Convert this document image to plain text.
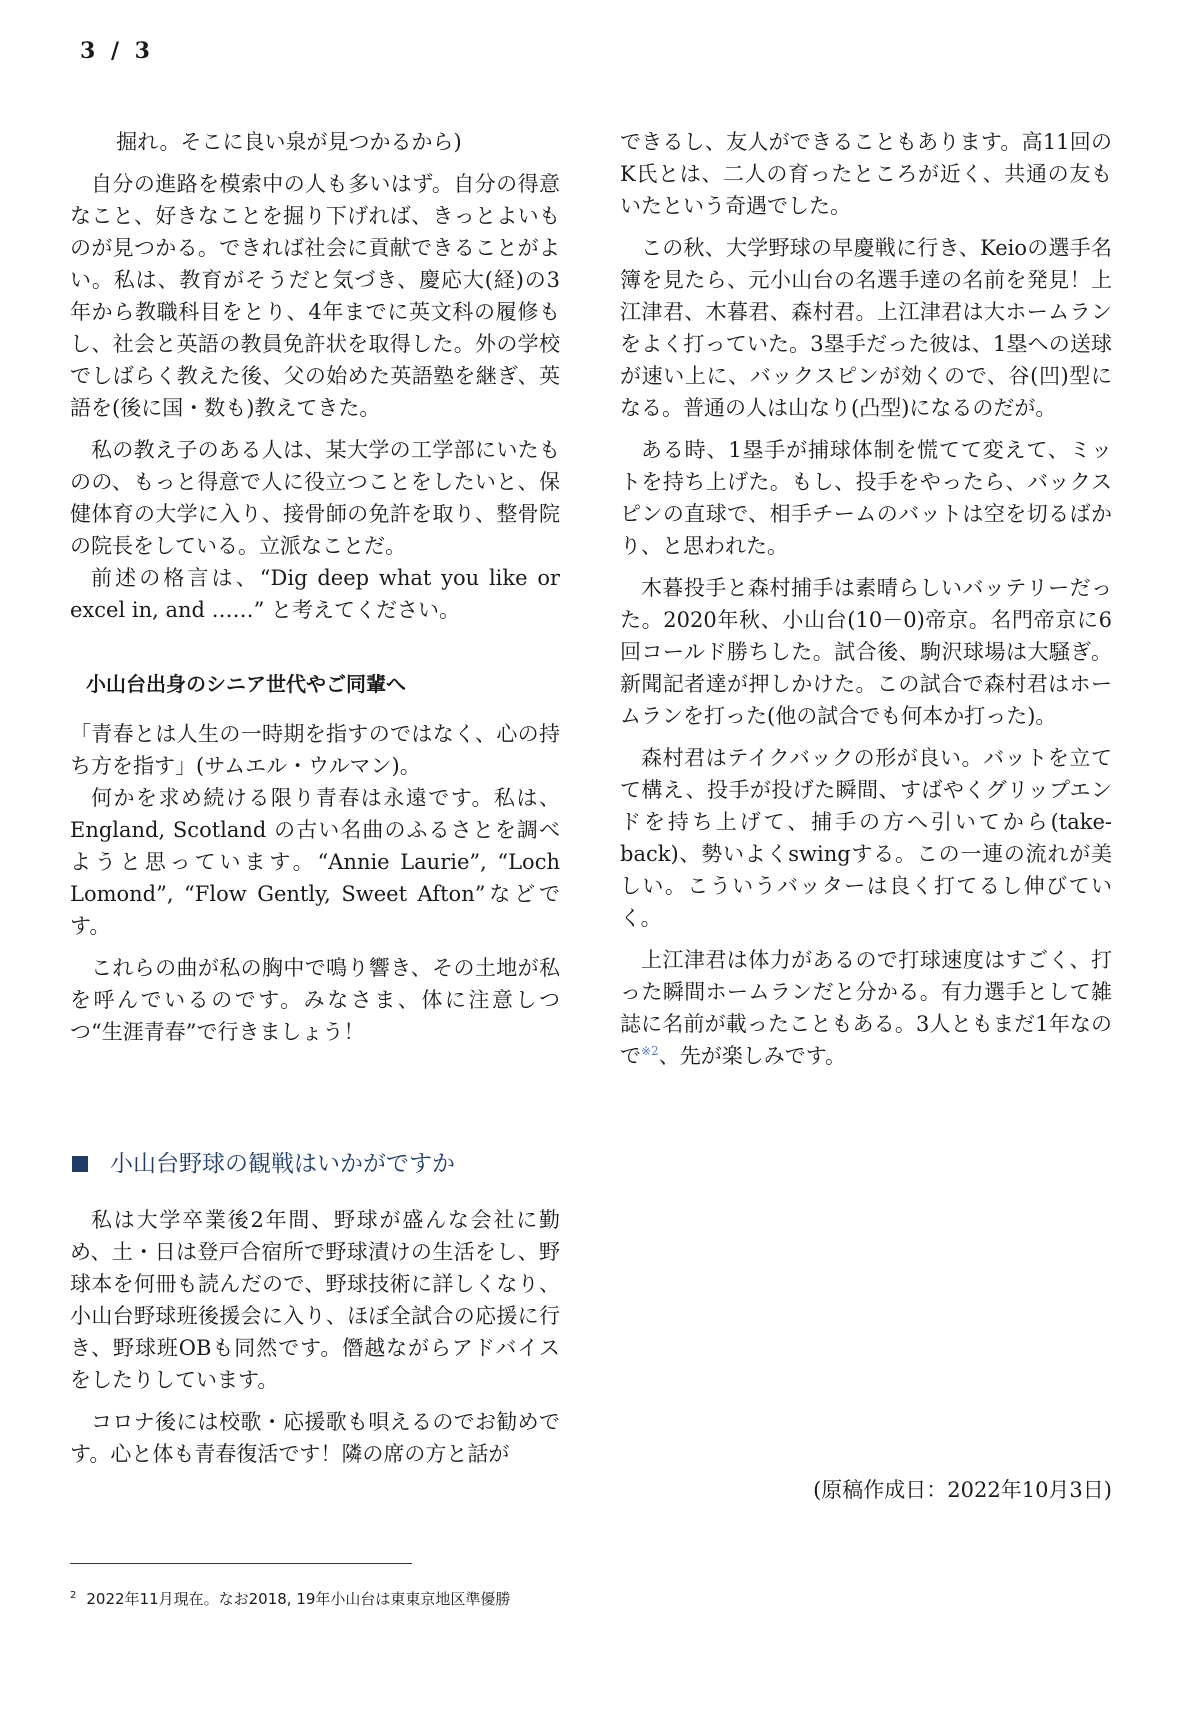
3 / 3

掘れ。そこに良い泉が見つかるから)

自分の進路を模索中の人も多いはず。自分の得意なこと、好きなことを掘り下げれば、きっとよいものが見つかる。できれば社会に貢献できることがよい。私は、教育がそうだと気づき、慶応大(経)の3年から教職科目をとり、4年までに英文科の履修もし、社会と英語の教員免許状を取得した。外の学校でしばらく教えた後、父の始めた英語塾を継ぎ、英語を(後に国・数も)教えてきた。

私の教え子のある人は、某大学の工学部にいたものの、もっと得意で人に役立つことをしたいと、保健体育の大学に入り、接骨師の免許を取り、整骨院の院長をしている。立派なことだ。

前述の格言は、“Dig deep what you like or excel in, and ……” と考えてください。

小山台出身のシニア世代やご同輩へ

「青春とは人生の一時期を指すのではなく、心の持ち方を指す」(サムエル・ウルマン)。

何かを求め続ける限り青春は永遠です。私は、England, Scotland の古い名曲のふるさとを調べようと思っています。“Annie Laurie”, “Loch Lomond”, “Flow Gently, Sweet Afton”などです。

これらの曲が私の胸中で鳴り響き、その土地が私を呼んでいるのです。みなさま、体に注意しつつ“生涯青春”で行きましょう！

小山台野球の観戦はいかがですか

私は大学卒業後2年間、野球が盛んな会社に勤め、土・日は登戸合宿所で野球漬けの生活をし、野球本を何冊も読んだので、野球技術に詳しくなり、小山台野球班後援会に入り、ほぼ全試合の応援に行き、野球班OBも同然です。僭越ながらアドバイスをしたりしています。

コロナ後には校歌・応援歌も唄えるのでお勧めです。心と体も青春復活です！隣の席の方と話が

できるし、友人ができることもあります。高11回のK氏とは、二人の育ったところが近く、共通の友もいたという奇遇でした。

この秋、大学野球の早慶戦に行き、Keioの選手名簿を見たら、元小山台の名選手達の名前を発見！上江津君、木暮君、森村君。上江津君は大ホームランをよく打っていた。3塁手だった彼は、1塁への送球が速い上に、バックスピンが効くので、谷(凹)型になる。普通の人は山なり(凸型)になるのだが。

ある時、1塁手が捕球体制を慌てて変えて、ミットを持ち上げた。もし、投手をやったら、バックスピンの直球で、相手チームのバットは空を切るばかり、と思われた。

木暮投手と森村捕手は素晴らしいバッテリーだった。2020年秋、小山台(10－0)帝京。名門帝京に6回コールド勝ちした。試合後、駒沢球場は大騒ぎ。新聞記者達が押しかけた。この試合で森村君はホームランを打った(他の試合でも何本か打った)。

森村君はテイクバックの形が良い。バットを立てて構え、投手が投げた瞬間、すばやくグリップエンドを持ち上げて、捕手の方へ引いてから(take-back)、勢いよくswingする。この一連の流れが美しい。こういうバッターは良く打てるし伸びていく。

上江津君は体力があるので打球速度はすごく、打った瞬間ホームランだと分かる。有力選手として雑誌に名前が載ったこともある。3人ともまだ1年なので$^{※2}$、先が楽しみです。

(原稿作成日：2022年10月3日)
$^2$ 2022年11月現在。なお2018, 19年小山台は東東京地区準優勝
